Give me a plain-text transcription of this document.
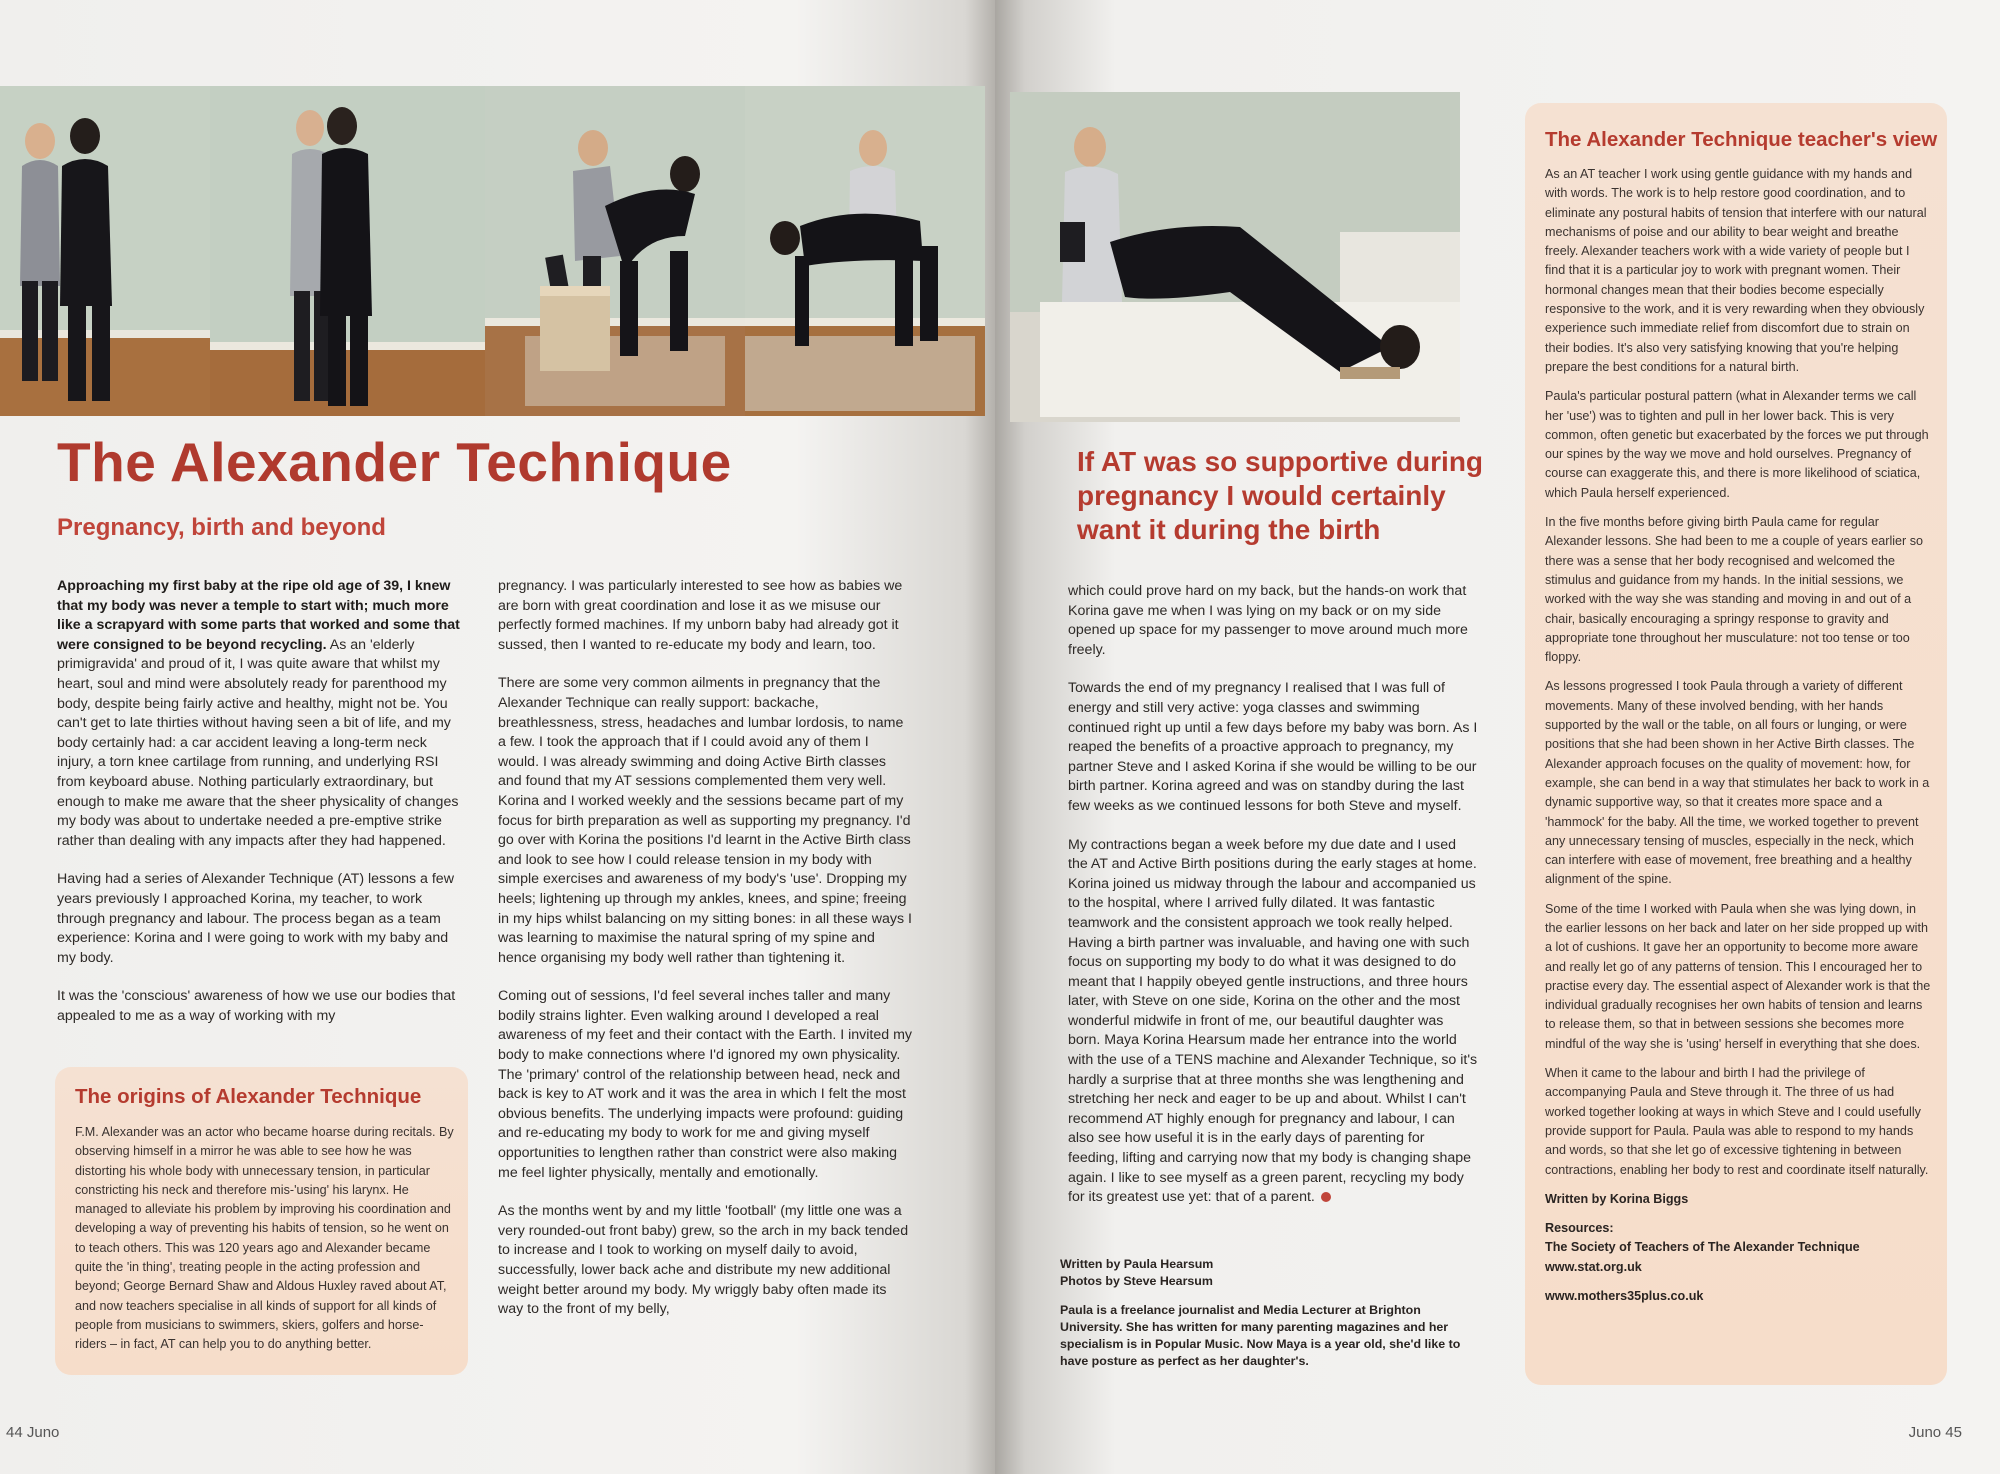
The Alexander Technique
Pregnancy, birth and beyond

Approaching my first baby at the ripe old age of 39, I knew that my body was never a temple to start with; much more like a scrapyard with some parts that worked and some that were consigned to be beyond recycling. As an 'elderly primigravida' and proud of it, I was quite aware that whilst my heart, soul and mind were absolutely ready for parenthood my body, despite being fairly active and healthy, might not be. You can't get to late thirties without having seen a bit of life, and my body certainly had: a car accident leaving a long-term neck injury, a torn knee cartilage from running, and underlying RSI from keyboard abuse. Nothing particularly extraordinary, but enough to make me aware that the sheer physicality of changes my body was about to undertake needed a pre-emptive strike rather than dealing with any impacts after they had happened.

Having had a series of Alexander Technique (AT) lessons a few years previously I approached Korina, my teacher, to work through pregnancy and labour. The process began as a team experience: Korina and I were going to work with my baby and my body.

It was the 'conscious' awareness of how we use our bodies that appealed to me as a way of working with my

pregnancy. I was particularly interested to see how as babies we are born with great coordination and lose it as we misuse our perfectly formed machines. If my unborn baby had already got it sussed, then I wanted to re-educate my body and learn, too.

There are some very common ailments in pregnancy that the Alexander Technique can really support: backache, breathlessness, stress, headaches and lumbar lordosis, to name a few. I took the approach that if I could avoid any of them I would. I was already swimming and doing Active Birth classes and found that my AT sessions complemented them very well. Korina and I worked weekly and the sessions became part of my focus for birth preparation as well as supporting my pregnancy. I'd go over with Korina the positions I'd learnt in the Active Birth class and look to see how I could release tension in my body with simple exercises and awareness of my body's 'use'. Dropping my heels; lightening up through my ankles, knees, and spine; freeing in my hips whilst balancing on my sitting bones: in all these ways I was learning to maximise the natural spring of my spine and hence organising my body well rather than tightening it.

Coming out of sessions, I'd feel several inches taller and many bodily strains lighter. Even walking around I developed a real awareness of my feet and their contact with the Earth. I invited my body to make connections where I'd ignored my own physicality. The 'primary' control of the relationship between head, neck and back is key to AT work and it was the area in which I felt the most obvious benefits. The underlying impacts were profound: guiding and re-educating my body to work for me and giving myself opportunities to lengthen rather than constrict were also making me feel lighter physically, mentally and emotionally.

As the months went by and my little 'football' (my little one was a very rounded-out front baby) grew, so the arch in my back tended to increase and I took to working on myself daily to avoid, successfully, lower back ache and distribute my new additional weight better around my body. My wriggly baby often made its way to the front of my belly,

The origins of Alexander Technique

F.M. Alexander was an actor who became hoarse during recitals. By observing himself in a mirror he was able to see how he was distorting his whole body with unnecessary tension, in particular constricting his neck and therefore mis-'using' his larynx. He managed to alleviate his problem by improving his coordination and developing a way of preventing his habits of tension, so he went on to teach others. This was 120 years ago and Alexander became quite the 'in thing', treating people in the acting profession and beyond; George Bernard Shaw and Aldous Huxley raved about AT, and now teachers specialise in all kinds of support for all kinds of people from musicians to swimmers, skiers, golfers and horse-riders – in fact, AT can help you to do anything better.

44 Juno
If AT was so supportive during pregnancy I would certainly want it during the birth

which could prove hard on my back, but the hands-on work that Korina gave me when I was lying on my back or on my side opened up space for my passenger to move around much more freely.

Towards the end of my pregnancy I realised that I was full of energy and still very active: yoga classes and swimming continued right up until a few days before my baby was born. As I reaped the benefits of a proactive approach to pregnancy, my partner Steve and I asked Korina if she would be willing to be our birth partner. Korina agreed and was on standby during the last few weeks as we continued lessons for both Steve and myself.

My contractions began a week before my due date and I used the AT and Active Birth positions during the early stages at home. Korina joined us midway through the labour and accompanied us to the hospital, where I arrived fully dilated. It was fantastic teamwork and the consistent approach we took really helped. Having a birth partner was invaluable, and having one with such focus on supporting my body to do what it was designed to do meant that I happily obeyed gentle instructions, and three hours later, with Steve on one side, Korina on the other and the most wonderful midwife in front of me, our beautiful daughter was born. Maya Korina Hearsum made her entrance into the world with the use of a TENS machine and Alexander Technique, so it's hardly a surprise that at three months she was lengthening and stretching her neck and eager to be up and about. Whilst I can't recommend AT highly enough for pregnancy and labour, I can also see how useful it is in the early days of parenting for feeding, lifting and carrying now that my body is changing shape again. I like to see myself as a green parent, recycling my body for its greatest use yet: that of a parent.

Written by Paula Hearsum
Photos by Steve Hearsum

Paula is a freelance journalist and Media Lecturer at Brighton University. She has written for many parenting magazines and her specialism is in Popular Music. Now Maya is a year old, she'd like to have posture as perfect as her daughter's.

The Alexander Technique teacher's view

As an AT teacher I work using gentle guidance with my hands and with words. The work is to help restore good coordination, and to eliminate any postural habits of tension that interfere with our natural mechanisms of poise and our ability to bear weight and breathe freely. Alexander teachers work with a wide variety of people but I find that it is a particular joy to work with pregnant women. Their hormonal changes mean that their bodies become especially responsive to the work, and it is very rewarding when they obviously experience such immediate relief from discomfort due to strain on their bodies. It's also very satisfying knowing that you're helping prepare the best conditions for a natural birth.

Paula's particular postural pattern (what in Alexander terms we call her 'use') was to tighten and pull in her lower back. This is very common, often genetic but exacerbated by the forces we put through our spines by the way we move and hold ourselves. Pregnancy of course can exaggerate this, and there is more likelihood of sciatica, which Paula herself experienced.

In the five months before giving birth Paula came for regular Alexander lessons. She had been to me a couple of years earlier so there was a sense that her body recognised and welcomed the stimulus and guidance from my hands. In the initial sessions, we worked with the way she was standing and moving in and out of a chair, basically encouraging a springy response to gravity and appropriate tone throughout her musculature: not too tense or too floppy.

As lessons progressed I took Paula through a variety of different movements. Many of these involved bending, with her hands supported by the wall or the table, on all fours or lunging, or were positions that she had been shown in her Active Birth classes. The Alexander approach focuses on the quality of movement: how, for example, she can bend in a way that stimulates her back to work in a dynamic supportive way, so that it creates more space and a 'hammock' for the baby. All the time, we worked together to prevent any unnecessary tensing of muscles, especially in the neck, which can interfere with ease of movement, free breathing and a healthy alignment of the spine.

Some of the time I worked with Paula when she was lying down, in the earlier lessons on her back and later on her side propped up with a lot of cushions. It gave her an opportunity to become more aware and really let go of any patterns of tension. This I encouraged her to practise every day. The essential aspect of Alexander work is that the individual gradually recognises her own habits of tension and learns to release them, so that in between sessions she becomes more mindful of the way she is 'using' herself in everything that she does.

When it came to the labour and birth I had the privilege of accompanying Paula and Steve through it. The three of us had worked together looking at ways in which Steve and I could usefully provide support for Paula. Paula was able to respond to my hands and words, so that she let go of excessive tightening in between contractions, enabling her body to rest and coordinate itself naturally.

Written by Korina Biggs

Resources:

The Society of Teachers of The Alexander Technique

www.stat.org.uk

www.mothers35plus.co.uk

Juno 45
